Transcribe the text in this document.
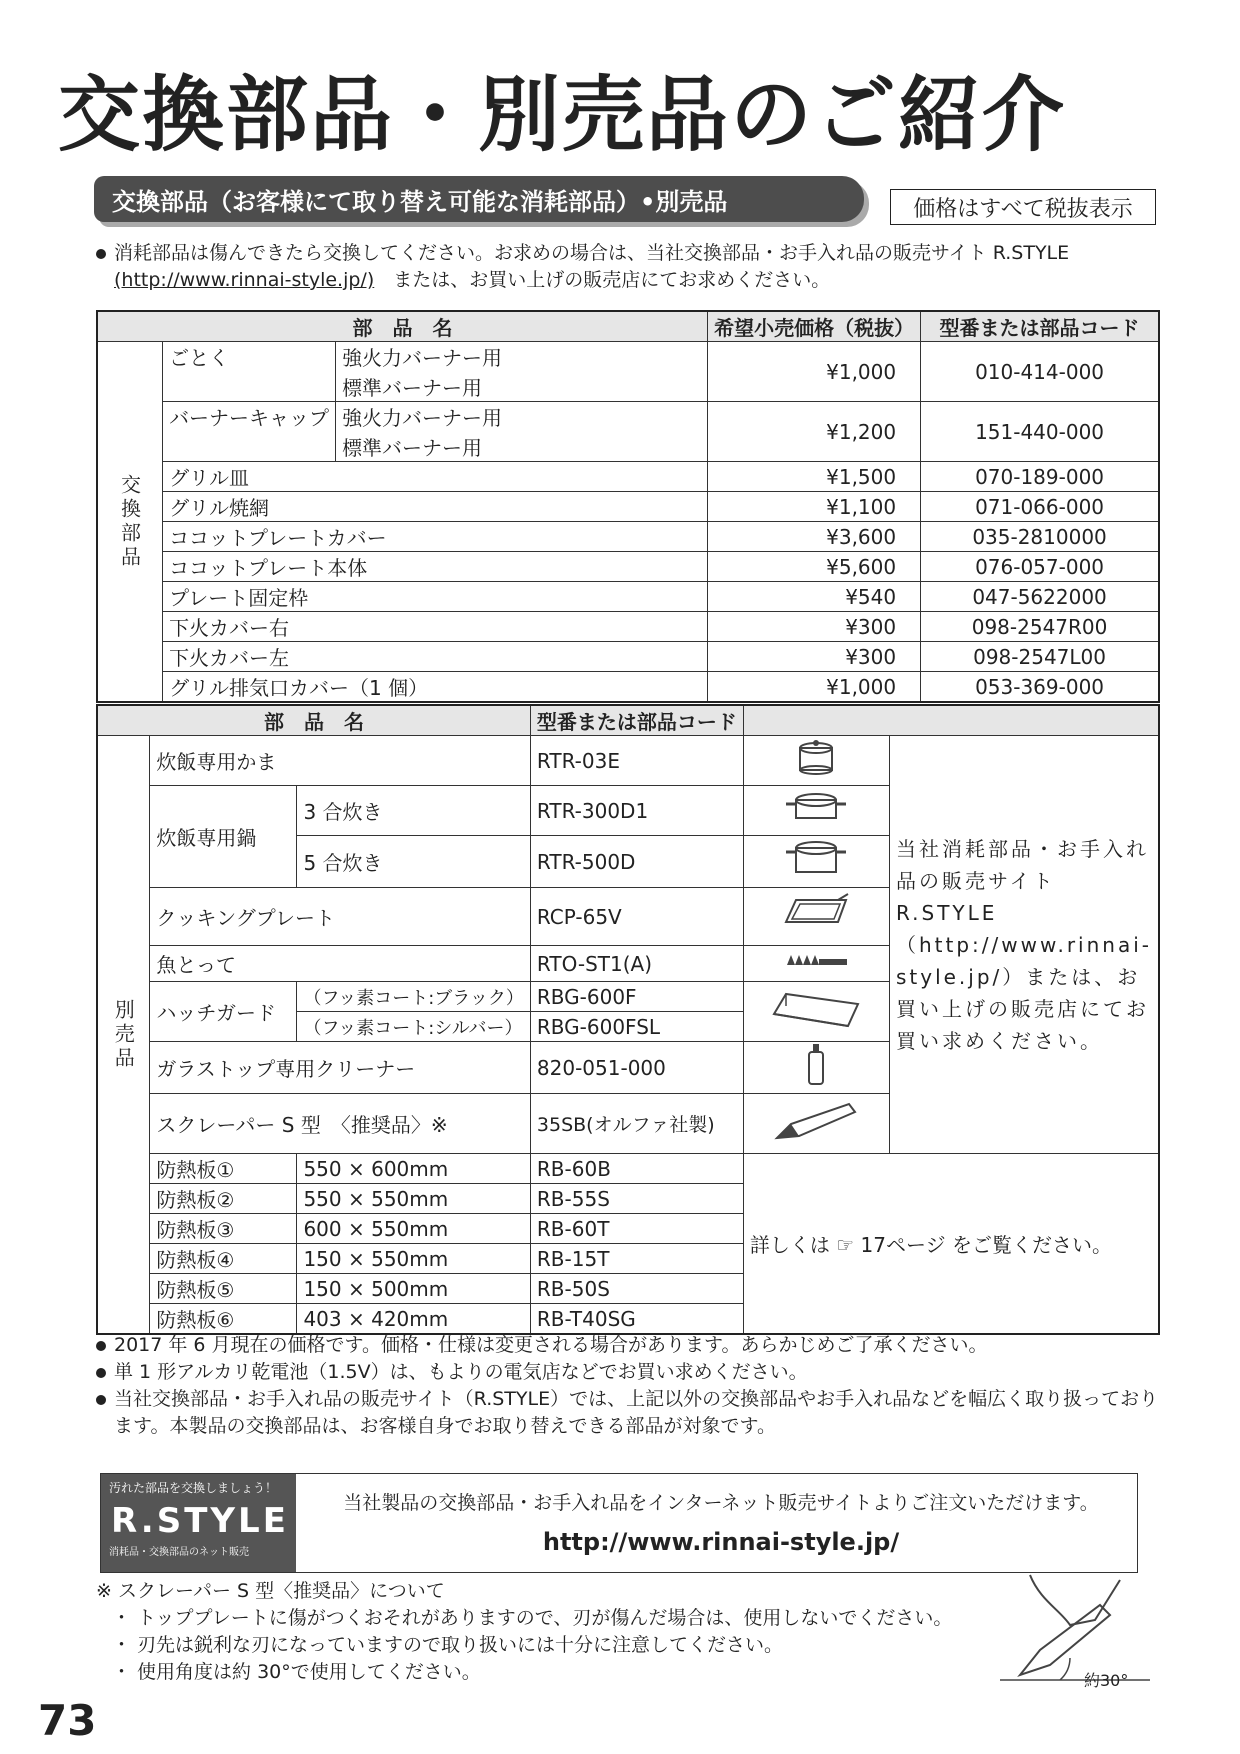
交換部品・別売品のご紹介
交換部品（お客様にて取り替え可能な消耗部品）•別売品	価格はすべて税抜表示
消耗部品は傷んできたら交換してください。お求めの場合は、当社交換部品・お手入れ品の販売サイト R.STYLE
(http://www.rinnai-style.jp/)　 または、お買い上げの販売店にてお求めください。
部　品　名			希望小売価格（税抜）	型番または部品コード
交換部品	ごとく	強火力バーナー用	¥1,000	010-414-000
		標準バーナー用		
	バーナーキャップ	強火力バーナー用	¥1,200	151-440-000
		標準バーナー用		
	グリル皿		¥1,500	070-189-000
	グリル焼網		¥1,100	071-066-000
	ココットプレートカバー		¥3,600	035-2810000
	ココットプレート本体		¥5,600	076-057-000
	プレート固定枠		¥540	047-5622000
	下火カバー右		¥300	098-2547R00
	下火カバー左		¥300	098-2547L00
	グリル排気口カバー（1 個）		¥1,000	053-369-000
部　品　名			型番または部品コード		
別売品	炊飯専用かま		RTR-03E		当社消耗部品・お手入れ品の販売サイト R.STYLE（http://www.rinnai-style.jp/）または、お買い上げの販売店にてお買い求めください。
	炊飯専用鍋	3 合炊き	RTR-300D1	
		5 合炊き	RTR-500D	
	クッキングプレート		RCP-65V	
	魚とって		RTO-ST1(A)	
	ハッチガード	（フッ素コート:ブラック）	RBG-600F	
		（フッ素コート:シルバー）	RBG-600FSL		
	ガラストップ専用クリーナー		820-051-000	
	スクレーパー S 型　〈推奨品〉※		35SB(オルファ社製)	
	防熱板①	550 × 600mm	RB-60B	詳しくは ☞ 17ページ をご覧ください。	
	防熱板②	550 × 550mm	RB-55S		
	防熱板③	600 × 550mm	RB-60T		
	防熱板④	150 × 550mm	RB-15T		
	防熱板⑤	150 × 500mm	RB-50S		
	防熱板⑥	403 × 420mm	RB-T40SG		
2017 年 6 月現在の価格です。価格・仕様は変更される場合があります。あらかじめご了承ください。
単 1 形アルカリ乾電池（1.5V）は、もよりの電気店などでお買い求めください。
当社交換部品・お手入れ品の販売サイト（R.STYLE）では、上記以外の交換部品やお手入れ品などを幅広く取り扱っております。本製品の交換部品は、お客様自身でお取り替えできる部品が対象です。
汚れた部品を交換しましょう！
R.STYLE
消耗品・交換部品のネット販売
当社製品の交換部品・お手入れ品をインターネット販売サイトよりご注文いただけます。
http://www.rinnai-style.jp/
※ スクレーパー S 型〈推奨品〉について
・ トッププレートに傷がつくおそれがありますので、刃が傷んだ場合は、使用しないでください。
・ 刃先は鋭利な刃になっていますので取り扱いには十分に注意してください。
・ 使用角度は約 30°で使用してください。	約30°
73
